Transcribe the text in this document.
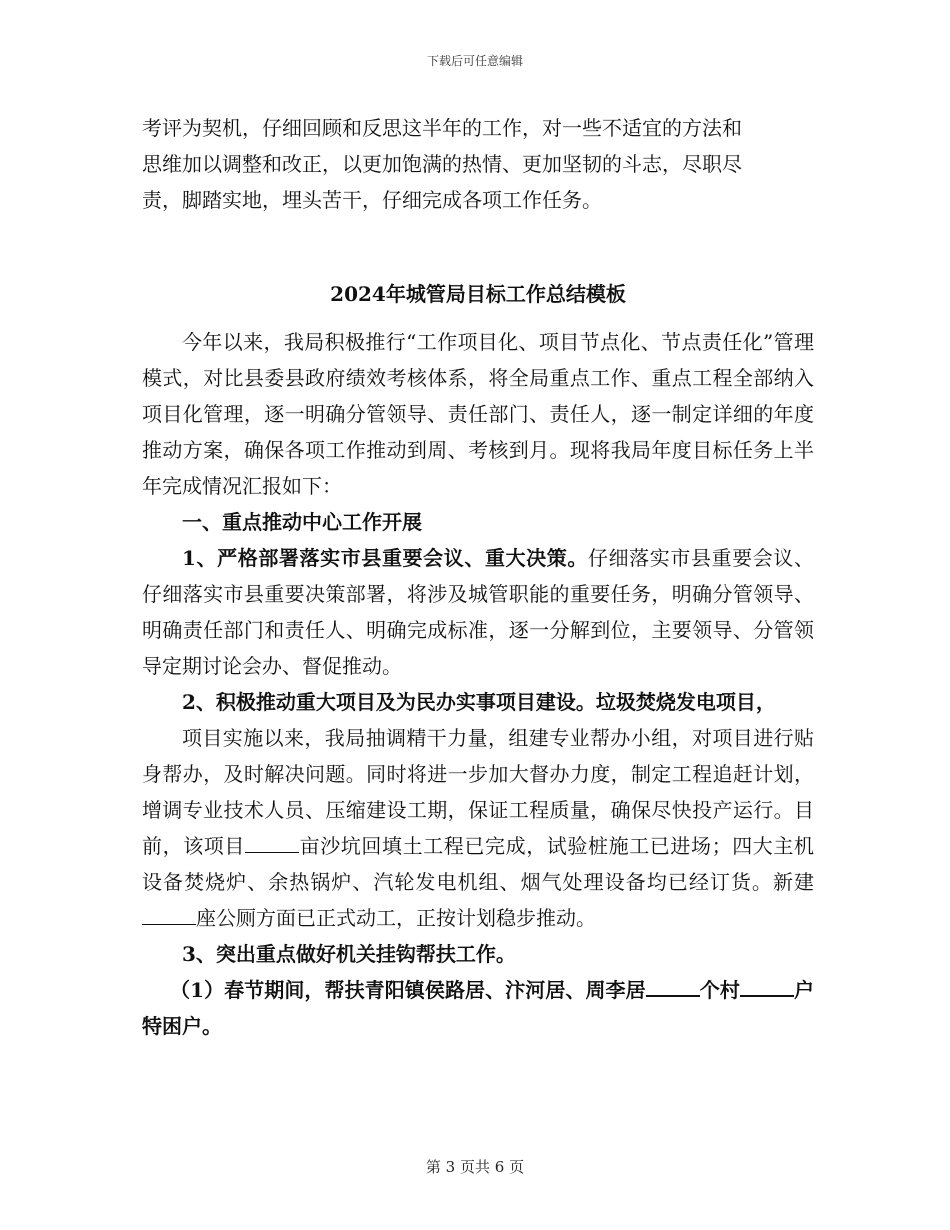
下载后可任意编辑
考评为契机，仔细回顾和反思这半年的工作，对一些不适宜的方法和
思维加以调整和改正，以更加饱满的热情、更加坚韧的斗志，尽职尽
责，脚踏实地，埋头苦干，仔细完成各项工作任务。

2024年城管局目标工作总结模板

今年以来，我局积极推行“工作项目化、项目节点化、节点责任化”管理模式，对比县委县政府绩效考核体系，将全局重点工作、重点工程全部纳入项目化管理，逐一明确分管领导、责任部门、责任人，逐一制定详细的年度推动方案，确保各项工作推动到周、考核到月。现将我局年度目标任务上半年完成情况汇报如下：

一、重点推动中心工作开展

1、严格部署落实市县重要会议、重大决策。仔细落实市县重要会议、仔细落实市县重要决策部署，将涉及城管职能的重要任务，明确分管领导、明确责任部门和责任人、明确完成标准，逐一分解到位，主要领导、分管领导定期讨论会办、督促推动。

2、积极推动重大项目及为民办实事项目建设。垃圾焚烧发电项目，

项目实施以来，我局抽调精干力量，组建专业帮办小组，对项目进行贴身帮办，及时解决问题。同时将进一步加大督办力度，制定工程追赶计划，增调专业技术人员、压缩建设工期，保证工程质量，确保尽快投产运行。目前，该项目	亩沙坑回填土工程已完成，试验桩施工已进场；四大主机设备焚烧炉、余热锅炉、汽轮发电机组、烟气处理设备均已经订货。新建座公厕方面已正式动工，正按计划稳步推动。

3、突出重点做好机关挂钩帮扶工作。

（1）春节期间，帮扶青阳镇侯路居、汴河居、周李居	个村	户特困户。

第 3 页共 6 页
